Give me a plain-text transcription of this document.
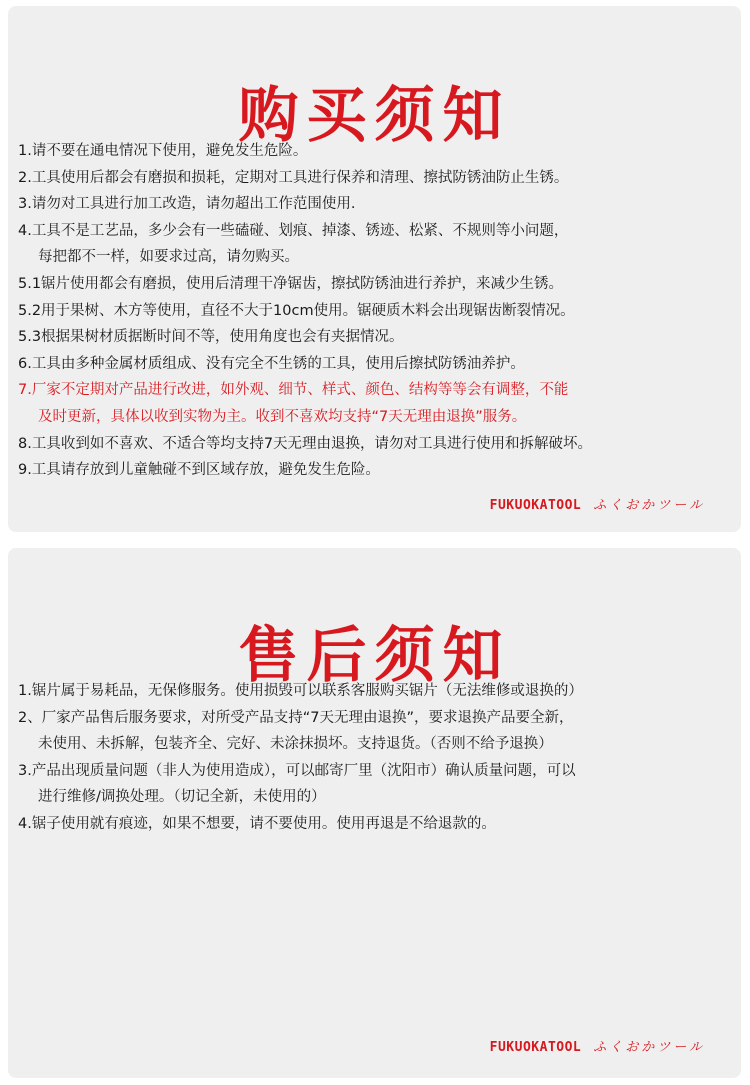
购买须知
1.请不要在通电情况下使用，避免发生危险。
2.工具使用后都会有磨损和损耗，定期对工具进行保养和清理、擦拭防锈油防止生锈。
3.请勿对工具进行加工改造，请勿超出工作范围使用.
4.工具不是工艺品，多少会有一些磕碰、划痕、掉漆、锈迹、松紧、不规则等小问题，
每把都不一样，如要求过高，请勿购买。
5.1锯片使用都会有磨损，使用后清理干净锯齿，擦拭防锈油进行养护，来减少生锈。
5.2用于果树、木方等使用，直径不大于10cm使用。锯硬质木料会出现锯齿断裂情况。
5.3根据果树材质据断时间不等，使用角度也会有夹据情况。
6.工具由多种金属材质组成、没有完全不生锈的工具，使用后擦拭防锈油养护。
7.厂家不定期对产品进行改进，如外观、细节、样式、颜色、结构等等会有调整，不能
及时更新，具体以收到实物为主。收到不喜欢均支持“7天无理由退换”服务。
8.工具收到如不喜欢、不适合等均支持7天无理由退换，请勿对工具进行使用和拆解破坏。
9.工具请存放到儿童触碰不到区域存放，避免发生危险。
FUKUOKATOOL ふくおかツール
售后须知
1.锯片属于易耗品，无保修服务。使用损毁可以联系客服购买锯片（无法维修或退换的）
2、厂家产品售后服务要求，对所受产品支持“7天无理由退换”，要求退换产品要全新，
未使用、未拆解，包装齐全、完好、未涂抹损坏。支持退货。（否则不给予退换）
3.产品出现质量问题（非人为使用造成），可以邮寄厂里（沈阳市）确认质量问题，可以
进行维修/调换处理。（切记全新，未使用的）
4.锯子使用就有痕迹，如果不想要，请不要使用。使用再退是不给退款的。
FUKUOKATOOL ふくおかツール
